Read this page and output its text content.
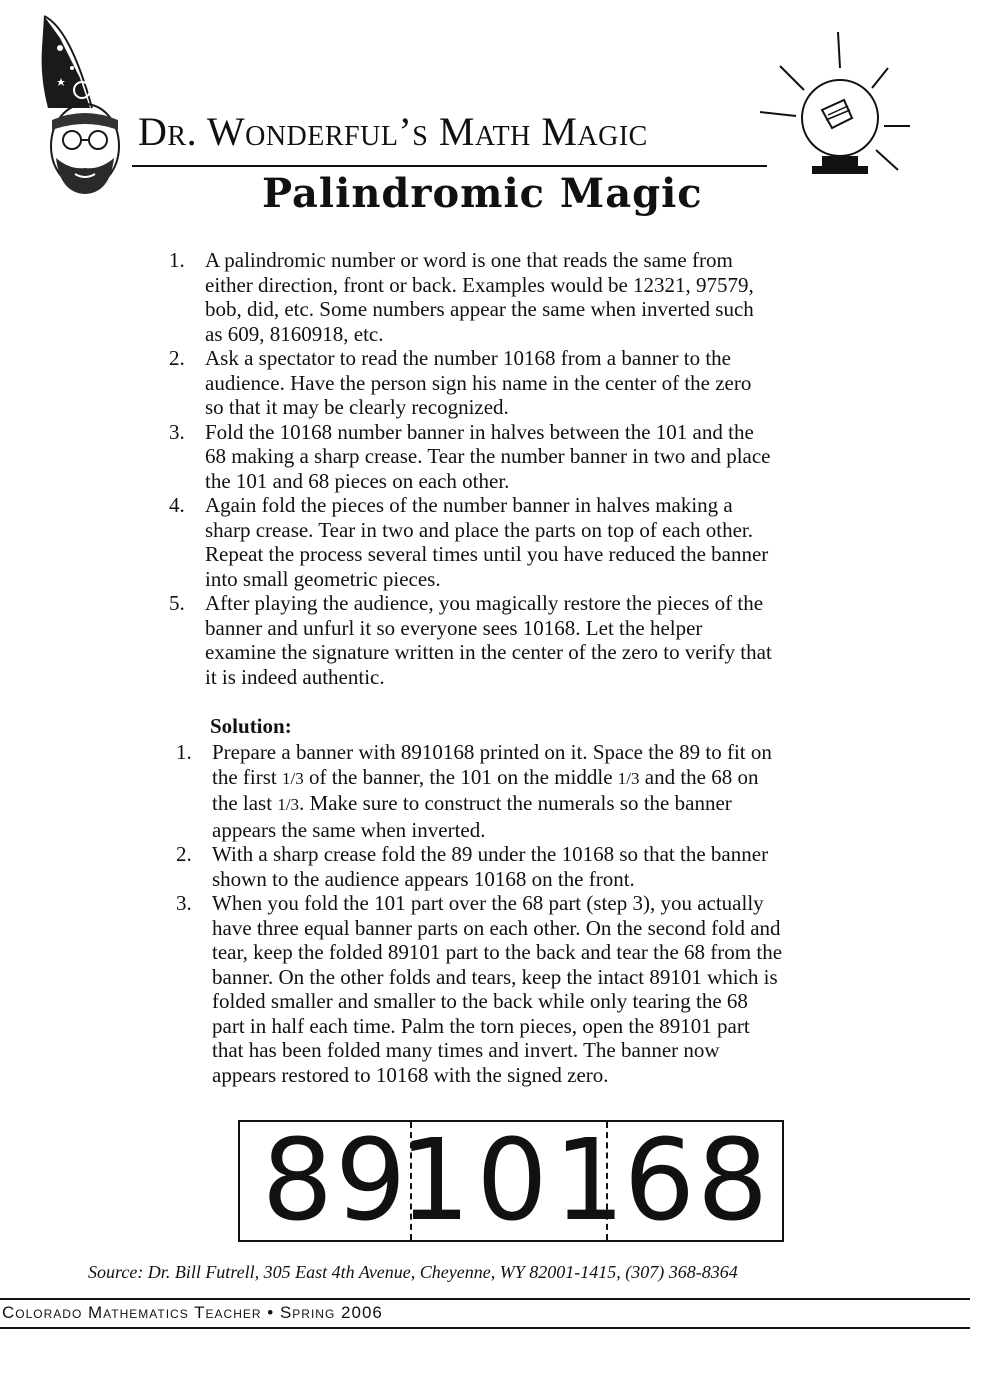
Dr. Wonderful’s Math Magic
Palindromic Magic
1. A palindromic number or word is one that reads the same from either direction, front or back. Examples would be 12321, 97579, bob, did, etc. Some numbers appear the same when inverted such as 609, 8160918, etc.
2. Ask a spectator to read the number 10168 from a banner to the audience. Have the person sign his name in the center of the zero so that it may be clearly recognized.
3. Fold the 10168 number banner in halves between the 101 and the 68 making a sharp crease. Tear the number banner in two and place the 101 and 68 pieces on each other.
4. Again fold the pieces of the number banner in halves making a sharp crease. Tear in two and place the parts on top of each other. Repeat the process several times until you have reduced the banner into small geometric pieces.
5. After playing the audience, you magically restore the pieces of the banner and unfurl it so everyone sees 10168. Let the helper examine the signature written in the center of the zero to verify that it is indeed authentic.
Solution:
1. Prepare a banner with 8910168 printed on it. Space the 89 to fit on the first 1/3 of the banner, the 101 on the middle 1/3 and the 68 on the last 1/3. Make sure to construct the numerals so the banner appears the same when inverted.
2. With a sharp crease fold the 89 under the 10168 so that the banner shown to the audience appears 10168 on the front.
3. When you fold the 101 part over the 68 part (step 3), you actually have three equal banner parts on each other. On the second fold and tear, keep the folded 89101 part to the back and tear the 68 from the banner. On the other folds and tears, keep the intact 89101 which is folded smaller and smaller to the back while only tearing the 68 part in half each time. Palm the torn pieces, open the 89101 part that has been folded many times and invert. The banner now appears restored to 10168 with the signed zero.
89
101
68
Source: Dr. Bill Futrell, 305 East 4th Avenue, Cheyenne, WY 82001-1415, (307) 368-8364
Colorado Mathematics Teacher • Spring 2006
